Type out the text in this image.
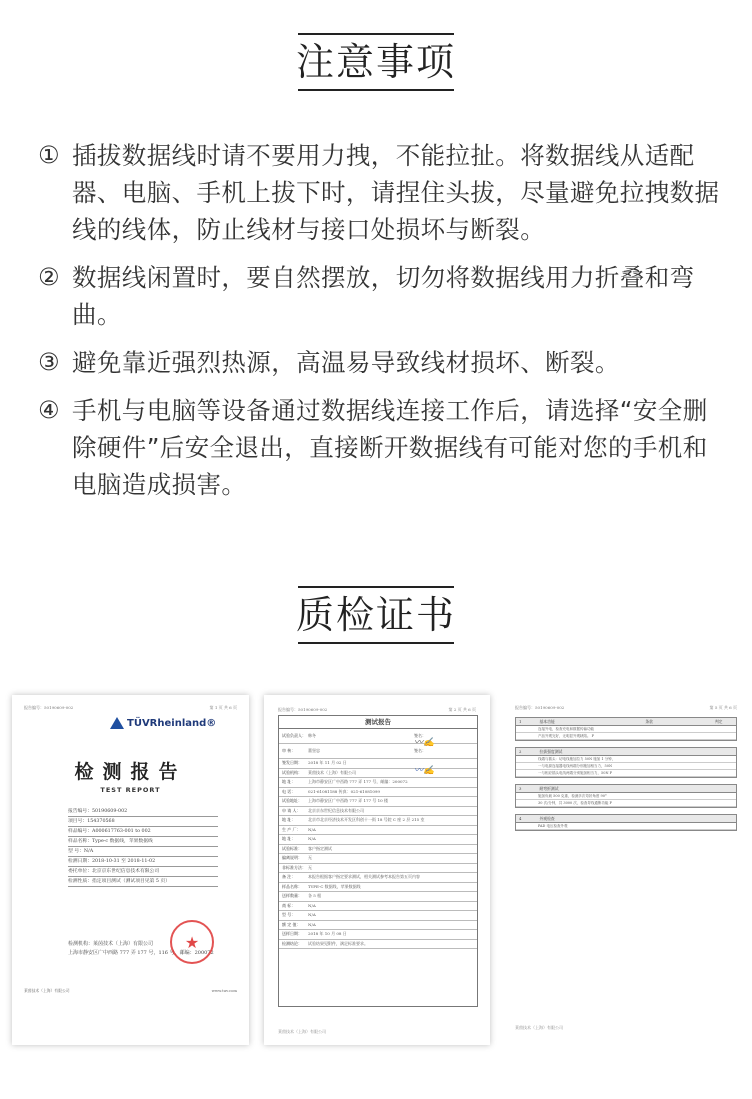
注意事项
① 插拔数据线时请不要用力拽，不能拉扯。将数据线从适配器、电脑、手机上拔下时，请捏住头拔，尽量避免拉拽数据线的线体，防止线材与接口处损坏与断裂。
② 数据线闲置时，要自然摆放，切勿将数据线用力折叠和弯曲。
③ 避免靠近强烈热源，高温易导致线材损坏、断裂。
④ 手机与电脑等设备通过数据线连接工作后，请选择“安全删除硬件”后安全退出，直接断开数据线有可能对您的手机和电脑造成损害。
质检证书
报告编号：50190609-002	第 1 页 共 6 页
TÜVRheinland®
检测报告
TEST REPORT
报告编号：50190609-002
项目号：154370568
样品编号：A000617763-001 to 002
样品名称：Type-c 数据线，苹果数据线
型 号：N/A
检测日期：2018-10-31 至 2018-11-02
委托单位：北京京东世纪信息技术有限公司
检测性质：指定项目测试（测试项目见第 5 页）
检测机构：莱茵技术（上海）有限公司
上海市静安区广中西路 777 弄 177 号，116 号，邮编：200072
★
莱茵技术（上海）有限公司	www.tuv.com
报告编号：50190609-002	第 2 页 共 6 页
测试报告
试验负责人： 韩冬	签名：
审 核：	董坚忠	签名：
签发日期：	2018 年 11 月 02 日
试验机构：	莱茵技术（上海）有限公司
地 址：	上海市静安区广中西路 777 弄 177 号，邮编：200072
电 话：	021-61081188 传真：021-61081099
试验地址：	上海市静安区广中西路 777 弄 177 号 10 楼
申 请 人：	北京京东世纪信息技术有限公司
地 址：	北京市北京经济技术开发区科创十一街 18 号院 C 座 2 层 215 室
生 产 厂：	N/A
地 址：	N/A
试验标准：	客户指定测试
偏离说明：	无
非标准方法： 无
备 注：	本报告根据客户指定要求测试，相关测试参考本报告第五页内容
样品名称：	TYPE-C 数据线，苹果数据线
送样数量：	各 5 根
商 标：	N/A
型 号：	N/A
额 定 值：	N/A
送样日期：	2018 年 10 月 08 日
检测结论：	试验结果见附件，满足标准要求。
〰✍
〰✍
莱茵技术（上海）有限公司
报告编号：50190609-002	第 5 页 共 6 页
1	基本功能	条款	判定
连接外电，检查充电和数据传输功能
产品外观完好，无明显外观缺陷。 P
2	拉拔强度测试
线端与插头：切电线施加拉力 50N 施加 1 分钟，
一与电源连接器电线两端分别施加相当力，50N
一与相应插头电线两端分别施加相当力，50N P
3	耐弯折测试
施加负载 500 克重，检测多次弯折角度 90°
30 次/分钟，共 3000 次，检查导线通断功能 P
4	外观检查
PAD 电压检查外观
莱茵技术（上海）有限公司
